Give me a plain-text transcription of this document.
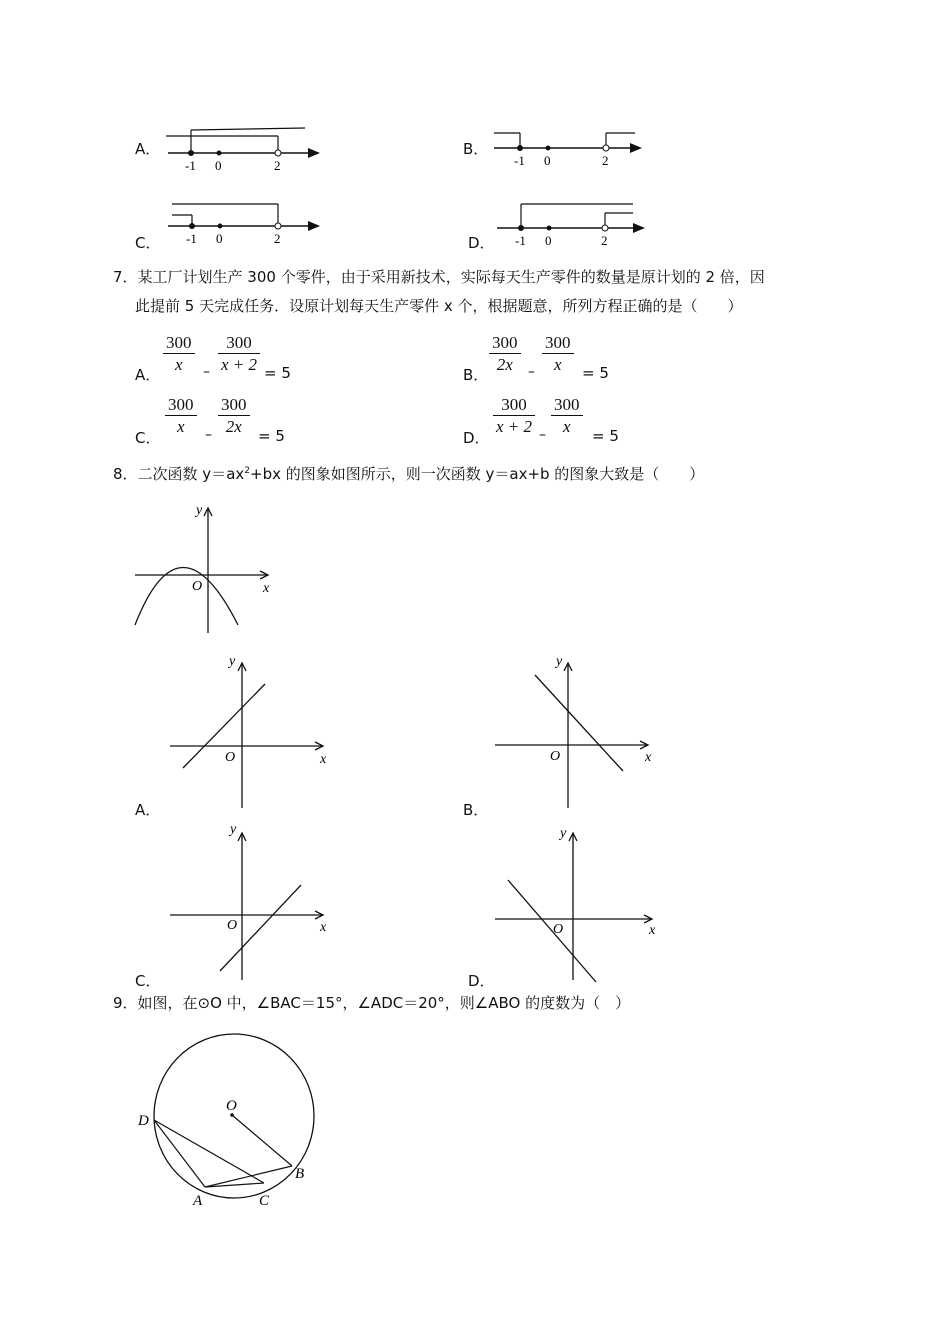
A．
-1 0	2
B．
-1 0	2
C． -1 0	2	D． -1 0	2
7．某工厂计划生产 300 个零件，由于采用新技术，实际每天生产零件的数量是原计划的 2 倍，因
此提前 5 天完成任务．设原计划每天生产零件 x 个，根据题意，所列方程正确的是（　　）
A．
300
x	–
300
x + 2 = 5	B．
300
2x	–
300
x	= 5
C．
300
x	–
300
2x	= 5	D．
300
x + 2 –
300
x	= 5
8．二次函数 $y=ax^2+bx$ 的图象如图所示，则一次函数 y＝ax+b 的图象大致是（　　）
y
O	x
y
O	x
A．
y
O	x
B．
y
O	x
C．
y
O	x
D．
9．如图，在⊙O 中，∠BAC＝15°，∠ADC＝20°，则∠ABO 的度数为（　）
O
D
A	C
B
